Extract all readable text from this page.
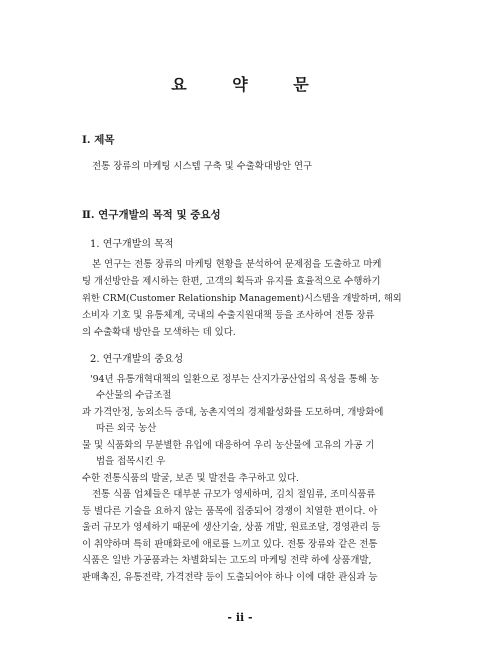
요 약 문
Ⅰ. 제목
전통 장류의 마케팅 시스템 구축 및 수출확대방안 연구
Ⅱ. 연구개발의 목적 및 중요성
1. 연구개발의 목적
본 연구는 전통 장류의 마케팅 현황을 분석하여 문제점을 도출하고 마케
팅 개선방안을 제시하는 한편, 고객의 획득과 유지를 효율적으로 수행하기
위한 CRM(Customer Relationship Management)시스템을 개발하며, 해외
소비자 기호 및 유통체계, 국내의 수출지원대책 등을 조사하여 전통 장류
의 수출확대 방안을 모색하는 데 있다.
2. 연구개발의 중요성
'94년 유통개혁대책의 일환으로 정부는 산지가공산업의 육성을 통해 농
수산물의 수급조절
과 가격안정, 농외소득 증대, 농촌지역의 경제활성화를 도모하며, 개방화에
따른 외국 농산
물 및 식품화의 무분별한 유입에 대응하여 우리 농산물에 고유의 가공 기
법을 접목시킨 우
수한 전통식품의 발굴, 보존 및 발전을 추구하고 있다.
전통 식품 업체들은 대부분 규모가 영세하며, 김치 절임류, 조미식품류
등 별다른 기술을 요하지 않는 품목에 집중되어 경쟁이 치열한 편이다. 아
울러 규모가 영세하기 때문에 생산기술, 상품 개발, 원료조달, 경영관리 등
이 취약하며 특히 판매화로에 애로를 느끼고 있다. 전통 장류와 같은 전통
식품은 일반 가공품과는 차별화되는 고도의 마케팅 전략 하에 상품개발,
판매촉진, 유통전략, 가격전략 등이 도출되어야 하나 이에 대한 관심과 능
- ii -
